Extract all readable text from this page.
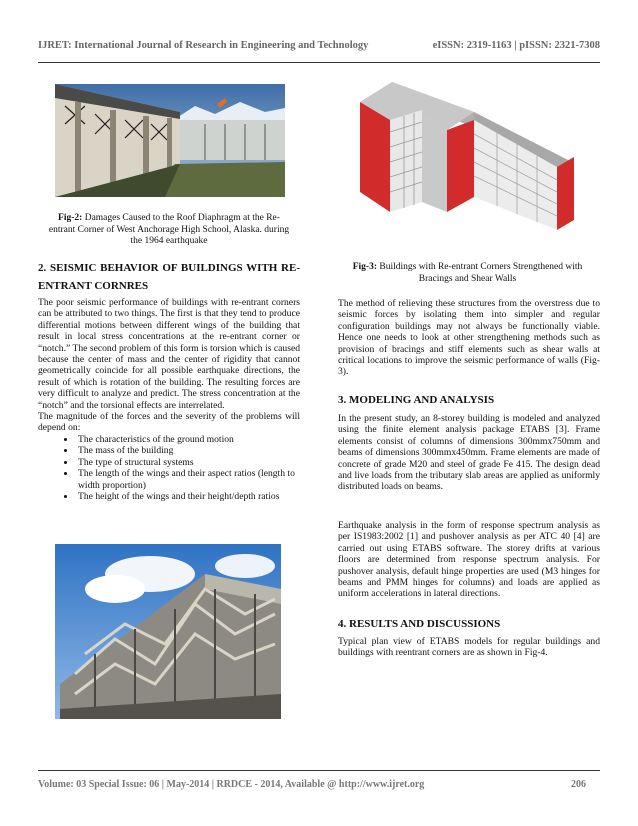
IJRET: International Journal of Research in Engineering and Technology	eISSN: 2319-1163 | pISSN: 2321-7308
Fig-2: Damages Caused to the Roof Diaphragm at the Re-entrant Corner of West Anchorage High School, Alaska. during the 1964 earthquake
2. SEISMIC BEHAVIOR OF BUILDINGS WITH RE-ENTRANT CORNRES
The poor seismic performance of buildings with re-entrant corners can be attributed to two things. The first is that they tend to produce differential motions between different wings of the building that result in local stress concentrations at the re-entrant corner or “notch.” The second problem of this form is torsion which is caused because the center of mass and the center of rigidity that cannot geometrically coincide for all possible earthquake directions, the result of which is rotation of the building. The resulting forces are very difficult to analyze and predict. The stress concentration at the “notch” and the torsional effects are interrelated.
The magnitude of the forces and the severity of the problems will depend on:
• The characteristics of the ground motion
• The mass of the building
• The type of structural systems
• The length of the wings and their aspect ratios (length to width proportion)
• The height of the wings and their height/depth ratios
Fig-3: Buildings with Re-entrant Corners Strengthened with Bracings and Shear Walls
The method of relieving these structures from the overstress due to seismic forces by isolating them into simpler and regular configuration buildings may not always be functionally viable. Hence one needs to look at other strengthening methods such as provision of bracings and stiff elements such as shear walls at critical locations to improve the seismic performance of walls (Fig-3).
3. MODELING AND ANALYSIS
In the present study, an 8-storey building is modeled and analyzed using the finite element analysis package ETABS [3]. Frame elements consist of columns of dimensions 300mmx750mm and beams of dimensions 300mmx450mm. Frame elements are made of concrete of grade M20 and steel of grade Fe 415. The design dead and live loads from the tributary slab areas are applied as uniformly distributed loads on beams.
Earthquake analysis in the form of response spectrum analysis as per IS1983:2002 [1] and pushover analysis as per ATC 40 [4] are carried out using ETABS software. The storey drifts at various floors are determined from response spectrum analysis. For pushover analysis, default hinge properties are used (M3 hinges for beams and PMM hinges for columns) and loads are applied as uniform accelerations in lateral directions.
4. RESULTS AND DISCUSSIONS
Typical plan view of ETABS models for regular buildings and buildings with reentrant corners are as shown in Fig-4.
Volume: 03 Special Issue: 06 | May-2014 | RRDCE - 2014, Available @ http://www.ijret.org	206
